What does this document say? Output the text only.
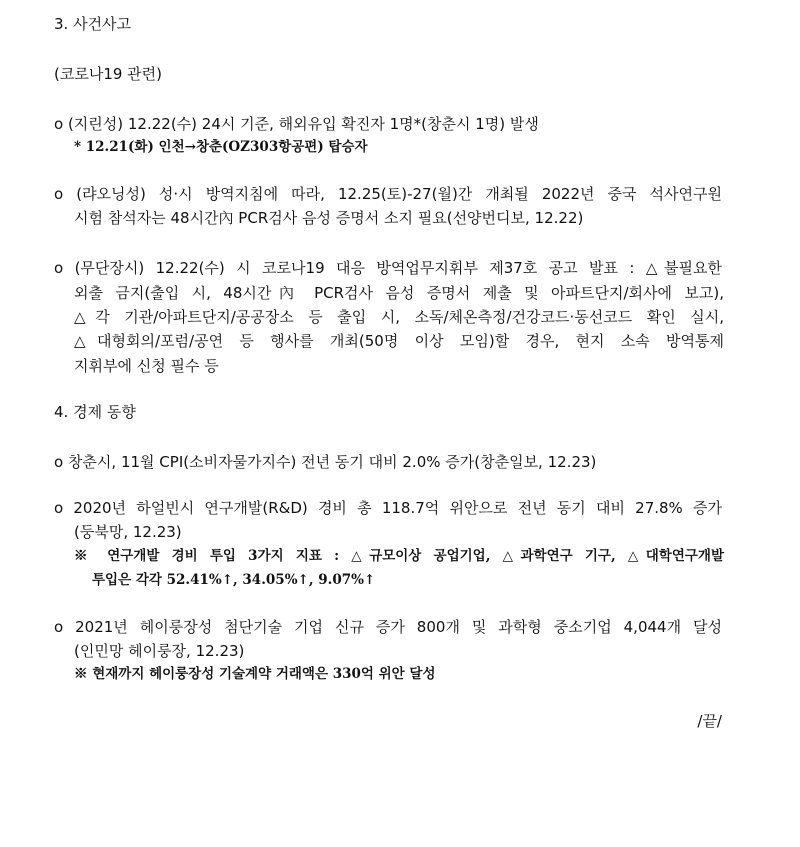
3. 사건사고
(코로나19 관련)
o (지린성) 12.22(수) 24시 기준, 해외유입 확진자 1명*(창춘시 1명) 발생
* 12.21(화) 인천→창춘(OZ303항공편) 탑승자
o (랴오닝성) 성·시 방역지침에 따라, 12.25(토)-27(월)간 개최될 2022년 중국 석사연구원
시험 참석자는 48시간內 PCR검사 음성 증명서 소지 필요(선양번디보, 12.22)
o (무단장시) 12.22(수) 시 코로나19 대응 방역업무지휘부 제37호 공고 발표 : △불필요한
외출 금지(출입 시, 48시간內 PCR검사 음성 증명서 제출 및 아파트단지/회사에 보고),
△각 기관/아파트단지/공공장소 등 출입 시, 소독/체온측정/건강코드·동선코드 확인 실시,
△대형회의/포럼/공연 등 행사를 개최(50명 이상 모임)할 경우, 현지 소속 방역통제
지휘부에 신청 필수 등
4. 경제 동향
o 창춘시, 11월 CPI(소비자물가지수) 전년 동기 대비 2.0% 증가(창춘일보, 12.23)
o 2020년 하얼빈시 연구개발(R&D) 경비 총 118.7억 위안으로 전년 동기 대비 27.8% 증가
(둥북망, 12.23)
※ 연구개발 경비 투입 3가지 지표 : △규모이상 공업기업, △과학연구 기구, △대학연구개발
투입은 각각 52.41%↑, 34.05%↑, 9.07%↑
o 2021년 헤이룽장성 첨단기술 기업 신규 증가 800개 및 과학형 중소기업 4,044개 달성
(인민망 헤이룽장, 12.23)
※ 현재까지 헤이룽장성 기술계약 거래액은 330억 위안 달성
/끝/
